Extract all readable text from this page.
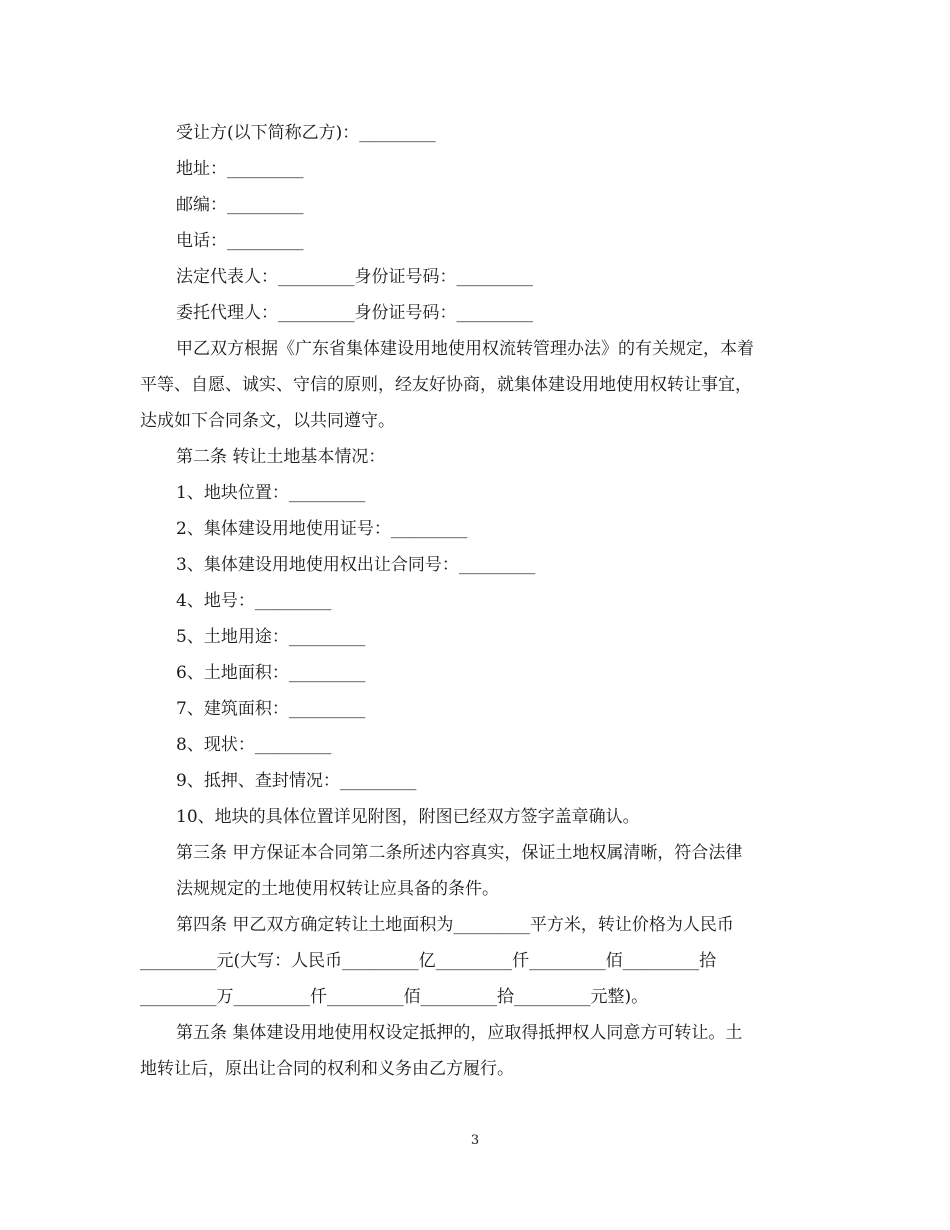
受让方(以下简称乙方)：_________

地址：_________

邮编：_________

电话：_________

法定代表人：_________身份证号码：_________

委托代理人：_________身份证号码：_________

甲乙双方根据《广东省集体建设用地使用权流转管理办法》的有关规定，本着

平等、自愿、诚实、守信的原则，经友好协商，就集体建设用地使用权转让事宜，

达成如下合同条文，以共同遵守。

第二条 转让土地基本情况：

1、地块位置：_________

2、集体建设用地使用证号：_________

3、集体建设用地使用权出让合同号：_________

4、地号：_________

5、土地用途：_________

6、土地面积：_________

7、建筑面积：_________

8、现状：_________

9、抵押、查封情况：_________

10、地块的具体位置详见附图，附图已经双方签字盖章确认。

第三条 甲方保证本合同第二条所述内容真实，保证土地权属清晰，符合法律

法规规定的土地使用权转让应具备的条件。

第四条 甲乙双方确定转让土地面积为_________平方米，转让价格为人民币

_________元(大写：人民币_________亿_________仟_________佰_________拾

_________万_________仟_________佰_________拾_________元整)。

第五条 集体建设用地使用权设定抵押的，应取得抵押权人同意方可转让。土

地转让后，原出让合同的权利和义务由乙方履行。

3
